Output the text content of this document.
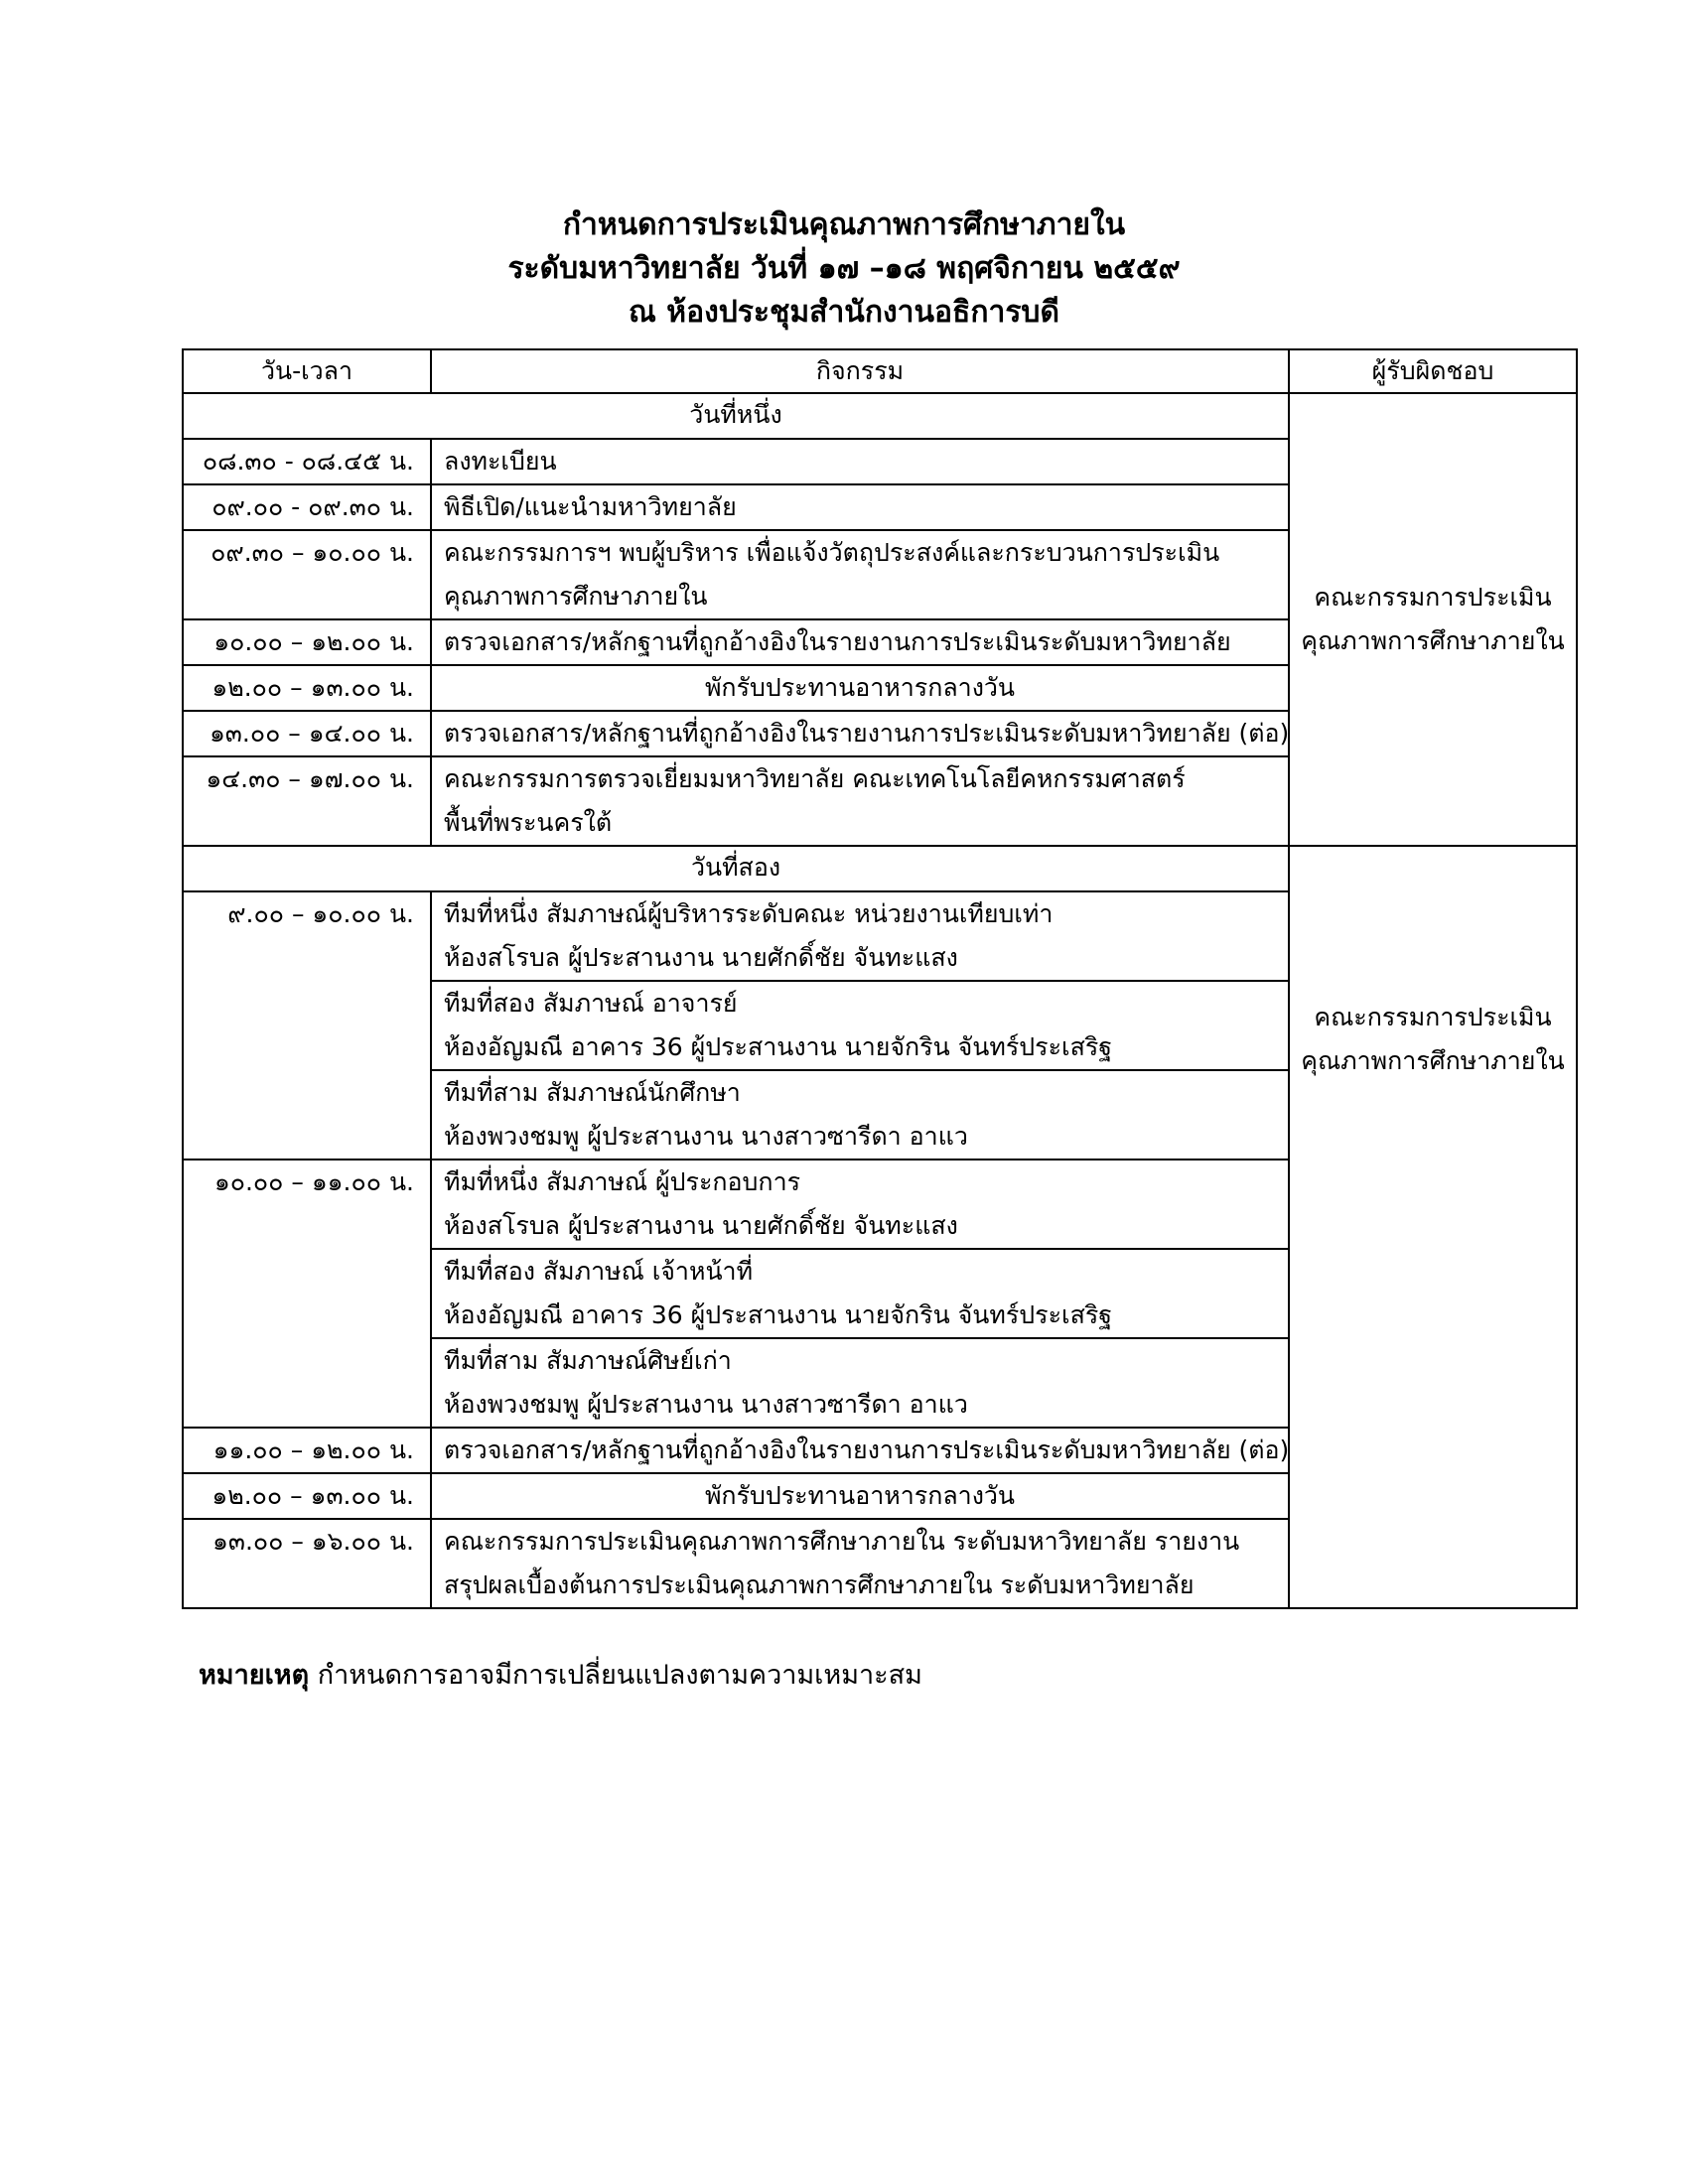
กำหนดการประเมินคุณภาพการศึกษาภายใน
ระดับมหาวิทยาลัย วันที่ ๑๗ –๑๘ พฤศจิกายน ๒๕๕๙
ณ ห้องประชุมสำนักงานอธิการบดี
วัน-เวลา	กิจกรรม	ผู้รับผิดชอบ
วันที่หนึ่ง		คณะกรรมการประเมิน
คุณภาพการศึกษาภายใน

๐๘.๓๐ - ๐๘.๔๕ น.	ลงทะเบียน	

๐๙.๐๐ - ๐๙.๓๐ น.	พิธีเปิด/แนะนำมหาวิทยาลัย	

๐๙.๓๐ – ๑๐.๐๐ น.	คณะกรรมการฯ พบผู้บริหาร เพื่อแจ้งวัตถุประสงค์และกระบวนการประเมิน
คุณภาพการศึกษาภายใน	

๑๐.๐๐ – ๑๒.๐๐ น.	ตรวจเอกสาร/หลักฐานที่ถูกอ้างอิงในรายงานการประเมินระดับมหาวิทยาลัย	

๑๒.๐๐ – ๑๓.๐๐ น.	พักรับประทานอาหารกลางวัน	

๑๓.๐๐ – ๑๔.๐๐ น.	ตรวจเอกสาร/หลักฐานที่ถูกอ้างอิงในรายงานการประเมินระดับมหาวิทยาลัย (ต่อ)	

๑๔.๓๐ – ๑๗.๐๐ น.	คณะกรรมการตรวจเยี่ยมมหาวิทยาลัย คณะเทคโนโลยีคหกรรมศาสตร์
พื้นที่พระนครใต้	

วันที่สอง		คณะกรรมการประเมิน
คุณภาพการศึกษาภายใน

๙.๐๐ – ๑๐.๐๐ น.	ทีมที่หนึ่ง สัมภาษณ์ผู้บริหารระดับคณะ หน่วยงานเทียบเท่า
ห้องสโรบล ผู้ประสานงาน นายศักดิ์ชัย จันทะแสง	

	ทีมที่สอง สัมภาษณ์ อาจารย์
ห้องอัญมณี อาคาร 36 ผู้ประสานงาน นายจักริน จันทร์ประเสริฐ	

	ทีมที่สาม สัมภาษณ์นักศึกษา
ห้องพวงชมพู ผู้ประสานงาน นางสาวซารีดา อาแว	

๑๐.๐๐ – ๑๑.๐๐ น.	ทีมที่หนึ่ง สัมภาษณ์ ผู้ประกอบการ
ห้องสโรบล ผู้ประสานงาน นายศักดิ์ชัย จันทะแสง	

	ทีมที่สอง สัมภาษณ์ เจ้าหน้าที่
ห้องอัญมณี อาคาร 36 ผู้ประสานงาน นายจักริน จันทร์ประเสริฐ	

	ทีมที่สาม สัมภาษณ์ศิษย์เก่า
ห้องพวงชมพู ผู้ประสานงาน นางสาวซารีดา อาแว	

๑๑.๐๐ – ๑๒.๐๐ น.	ตรวจเอกสาร/หลักฐานที่ถูกอ้างอิงในรายงานการประเมินระดับมหาวิทยาลัย (ต่อ)	

๑๒.๐๐ – ๑๓.๐๐ น.	พักรับประทานอาหารกลางวัน	

๑๓.๐๐ – ๑๖.๐๐ น.	คณะกรรมการประเมินคุณภาพการศึกษาภายใน ระดับมหาวิทยาลัย รายงาน
สรุปผลเบื้องต้นการประเมินคุณภาพการศึกษาภายใน ระดับมหาวิทยาลัย	
หมายเหตุ กำหนดการอาจมีการเปลี่ยนแปลงตามความเหมาะสม
